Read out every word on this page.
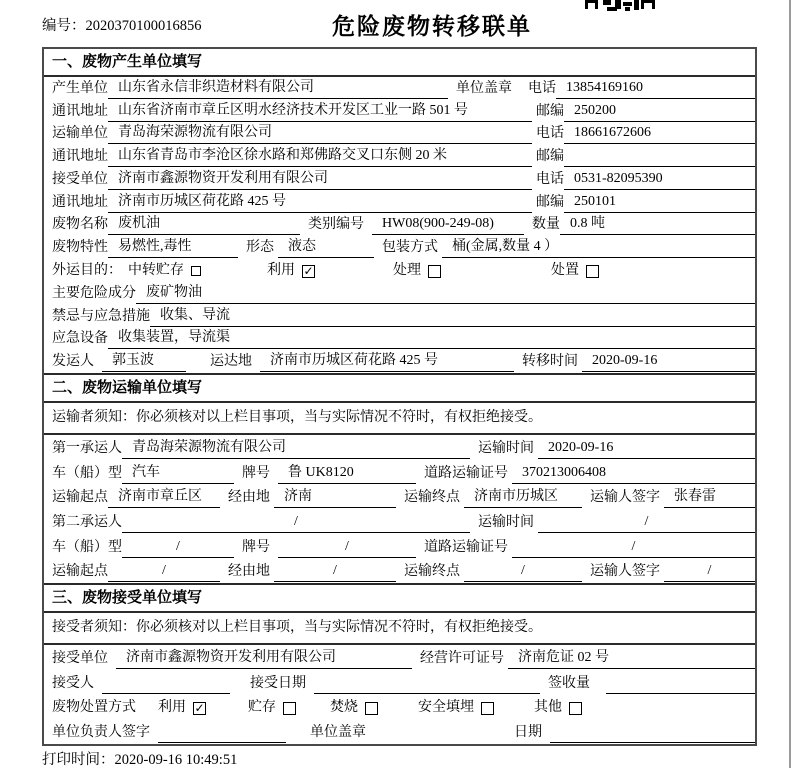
编号：2020370100016856	危险废物转移联单
一、废物产生单位填写
产生单位 山东省永信非织造材料有限公司	单位盖章 电话 13854169160
通讯地址 山东省济南市章丘区明水经济技术开发区工业一路 501 号	邮编 250200
运输单位 青岛海荣源物流有限公司	电话 18661672606
通讯地址 山东省青岛市李沧区徐水路和郑佛路交叉口东侧 20 米	邮编
接受单位 济南市鑫源物资开发利用有限公司	电话 0531-82095390
通讯地址 济南市历城区荷花路 425 号	邮编 250101
废物名称 废机油	类别编号	HW08(900-249-08)	数量 0.8 吨
废物特性 易燃性,毒性	形态	液态	包装方式	桶(金属,数量 4 ）
外运目的： 中转贮存	利用 ✓	处理	处置
主要危险成分 废矿物油
禁忌与应急措施 收集、导流
应急设备 收集装置，导流渠
发运人	郭玉波	运达地	济南市历城区荷花路 425 号	转移时间	2020-09-16
二、废物运输单位填写
运输者须知：你必须核对以上栏目事项，当与实际情况不符时，有权拒绝接受。
第一承运人 青岛海荣源物流有限公司	运输时间	2020-09-16
车（船）型 汽车	牌号	鲁 UK8120	道路运输证号	370213006408
运输起点 济南市章丘区	经由地	济南	运输终点	济南市历城区	运输人签字	张春雷
第二承运人	/	运输时间	/
车（船）型	/	牌号	/	道路运输证号	/
运输起点	/	经由地	/	运输终点	/	运输人签字	/
三、废物接受单位填写
接受者须知：你必须核对以上栏目事项，当与实际情况不符时，有权拒绝接受。
接受单位	济南市鑫源物资开发利用有限公司	经营许可证号	济南危证 02 号
接受人	接受日期	签收量
废物处置方式 利用 ✓	贮存	焚烧	安全填埋	其他
单位负责人签字	单位盖章	日期
打印时间：2020-09-16 10:49:51
